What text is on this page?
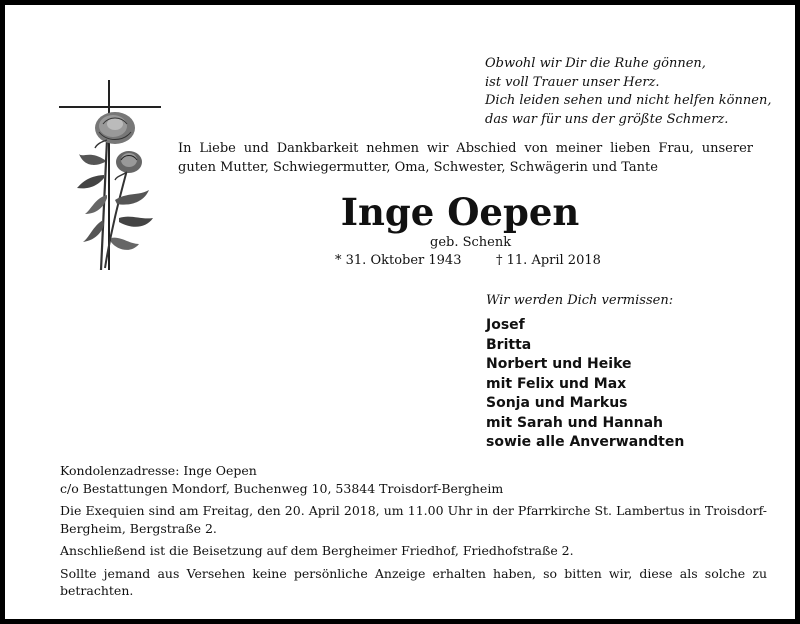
Obwohl wir Dir die Ruhe gönnen,
ist voll Trauer unser Herz.
Dich leiden sehen und nicht helfen können,
das war für uns der größte Schmerz.
In Liebe und Dankbarkeit nehmen wir Abschied von meiner lieben Frau, unserer guten Mutter, Schwiegermutter, Oma, Schwester, Schwägerin und Tante
Inge Oepen
geb. Schenk
* 31. Oktober 1943	† 11. April 2018
Wir werden Dich vermissen:
Josef
Britta
Norbert und Heike
mit Felix und Max
Sonja und Markus
mit Sarah und Hannah
sowie alle Anverwandten

Kondolenzadresse: Inge Oepen

c/o Bestattungen Mondorf, Buchenweg 10, 53844 Troisdorf-Bergheim

Die Exequien sind am Freitag, den 20. April 2018, um 11.00 Uhr in der Pfarrkirche St. Lambertus in Troisdorf-Bergheim, Bergstraße 2.

Anschließend ist die Beisetzung auf dem Bergheimer Friedhof, Friedhofstraße 2.

Sollte jemand aus Versehen keine persönliche Anzeige erhalten haben, so bitten wir, diese als solche zu betrachten.
